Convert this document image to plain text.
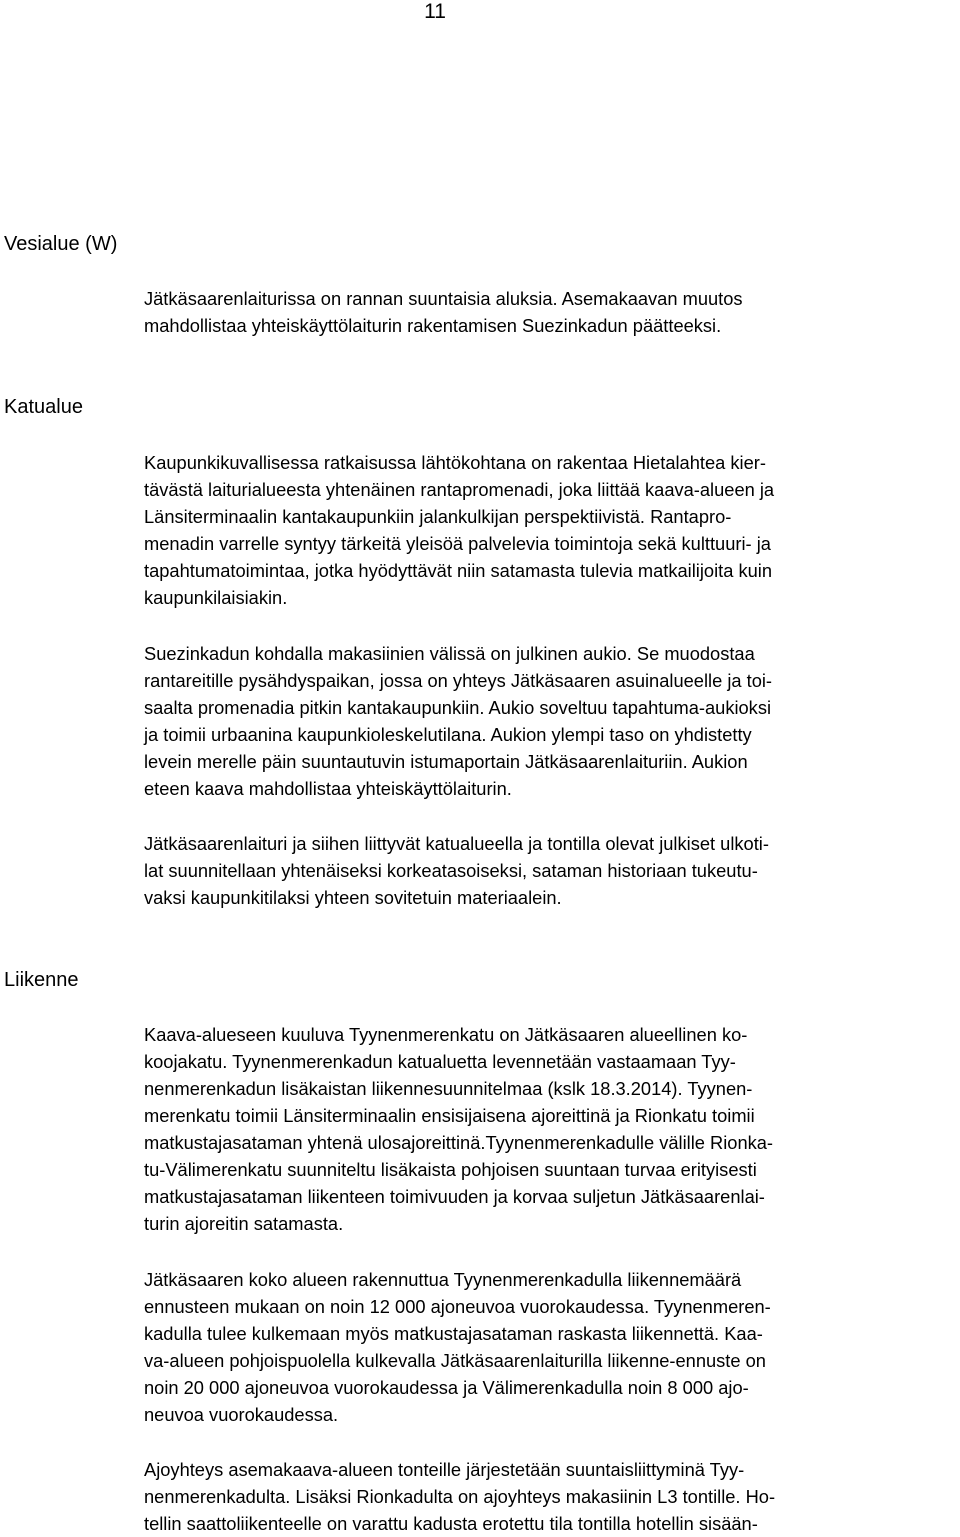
11
Vesialue (W)
Jätkäsaarenlaiturissa on rannan suuntaisia aluksia. Asemakaavan muutos
mahdollistaa yhteiskäyttölaiturin rakentamisen Suezinkadun päätteeksi.
Katualue
Kaupunkikuvallisessa ratkaisussa lähtökohtana on rakentaa Hietalahtea kier-
tävästä laiturialueesta yhtenäinen rantapromenadi, joka liittää kaava-alueen ja
Länsiterminaalin kantakaupunkiin jalankulkijan perspektiivistä. Rantapro-
menadin varrelle syntyy tärkeitä yleisöä palvelevia toimintoja sekä kulttuuri- ja
tapahtumatoimintaa, jotka hyödyttävät niin satamasta tulevia matkailijoita kuin
kaupunkilaisiakin.
Suezinkadun kohdalla makasiinien välissä on julkinen aukio. Se muodostaa
rantareitille pysähdyspaikan, jossa on yhteys Jätkäsaaren asuinalueelle ja toi-
saalta promenadia pitkin kantakaupunkiin. Aukio soveltuu tapahtuma-aukioksi
ja toimii urbaanina kaupunkioleskelutilana. Aukion ylempi taso on yhdistetty
levein merelle päin suuntautuvin istumaportain Jätkäsaarenlaituriin. Aukion
eteen kaava mahdollistaa yhteiskäyttölaiturin.
Jätkäsaarenlaituri ja siihen liittyvät katualueella ja tontilla olevat julkiset ulkoti-
lat suunnitellaan yhtenäiseksi korkeatasoiseksi, sataman historiaan tukeutu-
vaksi kaupunkitilaksi yhteen sovitetuin materiaalein.
Liikenne
Kaava-alueseen kuuluva Tyynenmerenkatu on Jätkäsaaren alueellinen ko-
koojakatu. Tyynenmerenkadun katualuetta levennetään vastaamaan Tyy-
nenmerenkadun lisäkaistan liikennesuunnitelmaa (kslk 18.3.2014). Tyynen-
merenkatu toimii Länsiterminaalin ensisijaisena ajoreittinä ja Rionkatu toimii
matkustajasataman yhtenä ulosajoreittinä.Tyynenmerenkadulle välille Rionka-
tu-Välimerenkatu suunniteltu lisäkaista pohjoisen suuntaan turvaa erityisesti
matkustajasataman liikenteen toimivuuden ja korvaa suljetun Jätkäsaarenlai-
turin ajoreitin satamasta.
Jätkäsaaren koko alueen rakennuttua Tyynenmerenkadulla liikennemäärä
ennusteen mukaan on noin 12 000 ajoneuvoa vuorokaudessa. Tyynenmeren-
kadulla tulee kulkemaan myös matkustajasataman raskasta liikennettä. Kaa-
va-alueen pohjoispuolella kulkevalla Jätkäsaarenlaiturilla liikenne-ennuste on
noin 20 000 ajoneuvoa vuorokaudessa ja Välimerenkadulla noin 8 000 ajo-
neuvoa vuorokaudessa.
Ajoyhteys asemakaava-alueen tonteille järjestetään suuntaisliittyminä Tyy-
nenmerenkadulta. Lisäksi Rionkadulta on ajoyhteys makasiinin L3 tontille. Ho-
tellin saattoliikenteelle on varattu kadusta erotettu tila tontilla hotellin sisään-
